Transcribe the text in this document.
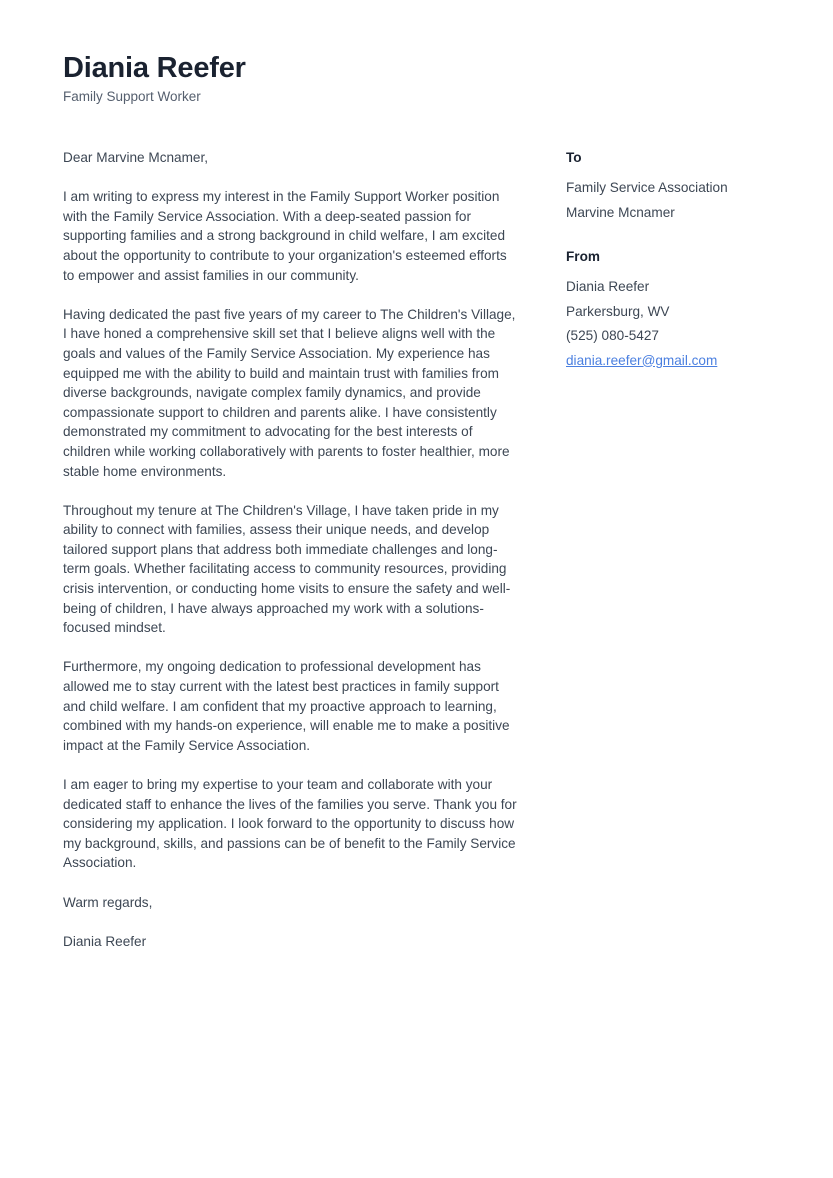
Diania Reefer
Family Support Worker

Dear Marvine Mcnamer,

I am writing to express my interest in the Family Support Worker position with the Family Service Association. With a deep-seated passion for supporting families and a strong background in child welfare, I am excited about the opportunity to contribute to your organization's esteemed efforts to empower and assist families in our community.

Having dedicated the past five years of my career to The Children's Village, I have honed a comprehensive skill set that I believe aligns well with the goals and values of the Family Service Association. My experience has equipped me with the ability to build and maintain trust with families from diverse backgrounds, navigate complex family dynamics, and provide compassionate support to children and parents alike. I have consistently demonstrated my commitment to advocating for the best interests of children while working collaboratively with parents to foster healthier, more stable home environments.

Throughout my tenure at The Children's Village, I have taken pride in my ability to connect with families, assess their unique needs, and develop tailored support plans that address both immediate challenges and long-term goals. Whether facilitating access to community resources, providing crisis intervention, or conducting home visits to ensure the safety and well-being of children, I have always approached my work with a solutions-focused mindset.

Furthermore, my ongoing dedication to professional development has allowed me to stay current with the latest best practices in family support and child welfare. I am confident that my proactive approach to learning, combined with my hands-on experience, will enable me to make a positive impact at the Family Service Association.

I am eager to bring my expertise to your team and collaborate with your dedicated staff to enhance the lives of the families you serve. Thank you for considering my application. I look forward to the opportunity to discuss how my background, skills, and passions can be of benefit to the Family Service Association.

Warm regards,

Diania Reefer

To
Family Service Association
Marvine Mcnamer
From
Diania Reefer
Parkersburg, WV
(525) 080-5427
diania.reefer@gmail.com
